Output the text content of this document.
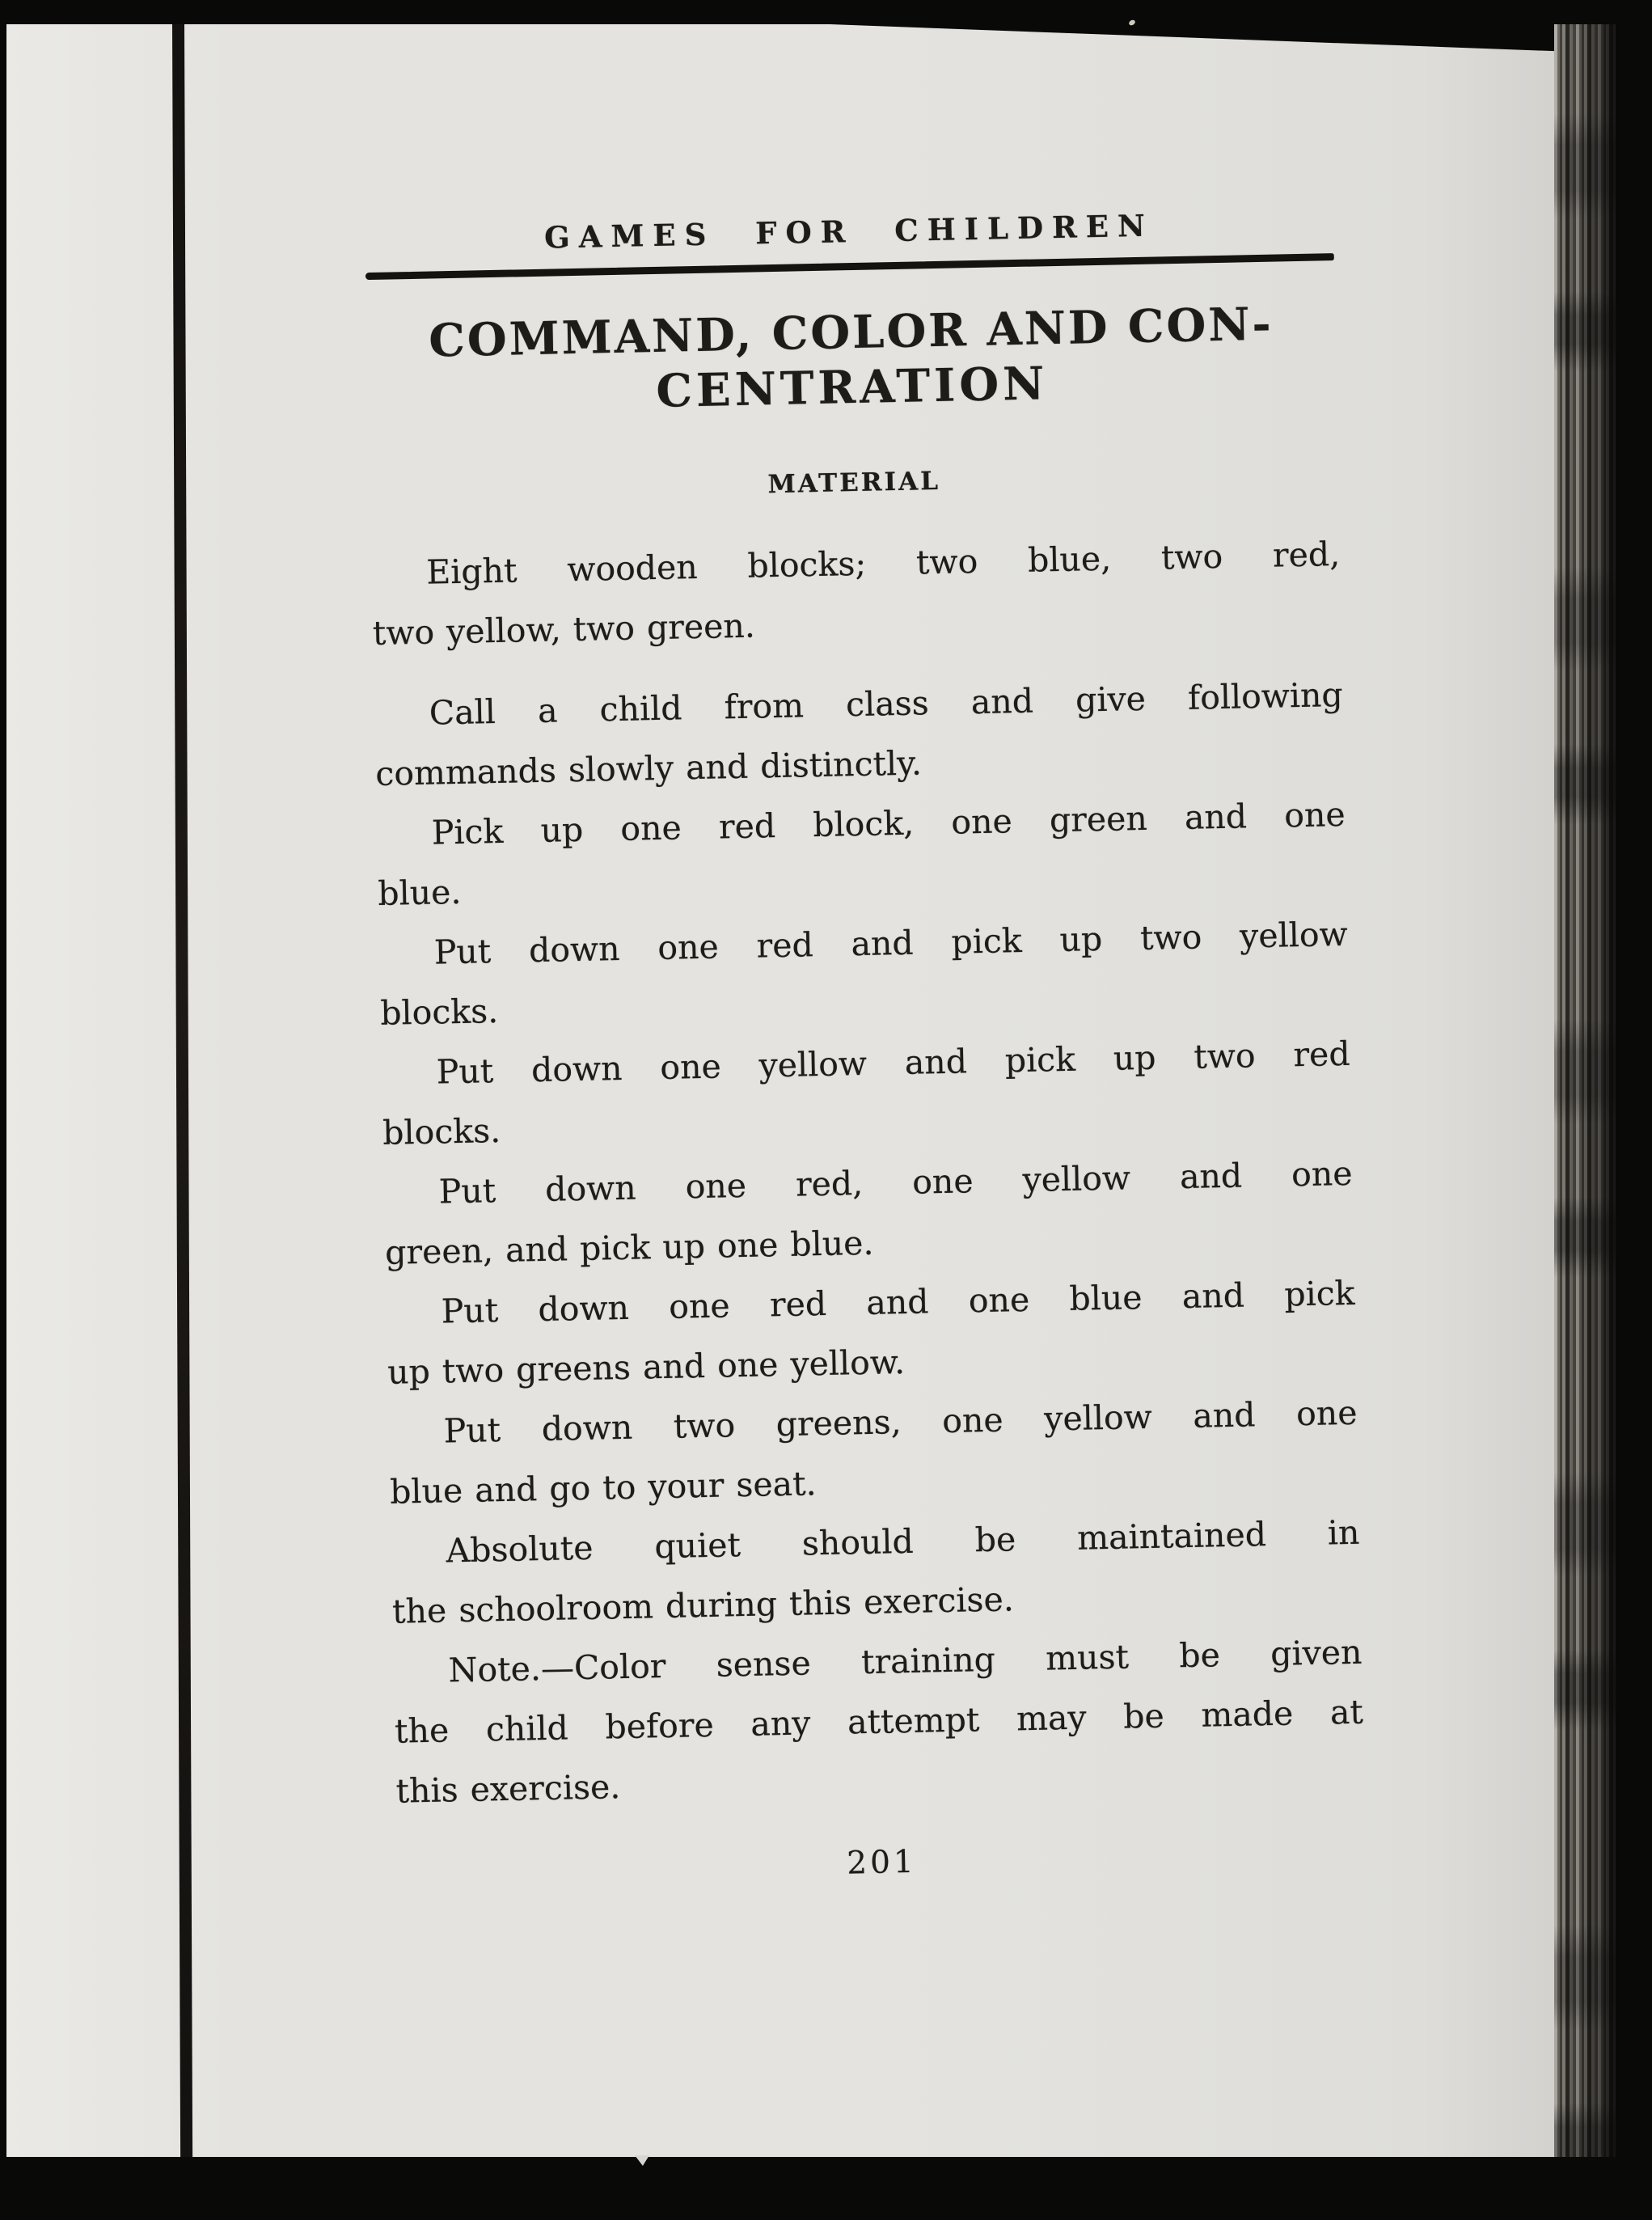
GAMES FOR CHILDREN
COMMAND, COLOR AND CON-
CENTRATION
MATERIAL
Eight wooden blocks; two blue, two red,
two yellow, two green.
Call a child from class and give following
commands slowly and distinctly.
Pick up one red block, one green and one
blue.
Put down one red and pick up two yellow
blocks.
Put down one yellow and pick up two red
blocks.
Put down one red, one yellow and one
green, and pick up one blue.
Put down one red and one blue and pick
up two greens and one yellow.
Put down two greens, one yellow and one
blue and go to your seat.
Absolute quiet should be maintained in
the schoolroom during this exercise.
Note.—Color sense training must be given
the child before any attempt may be made at
this exercise.
201
